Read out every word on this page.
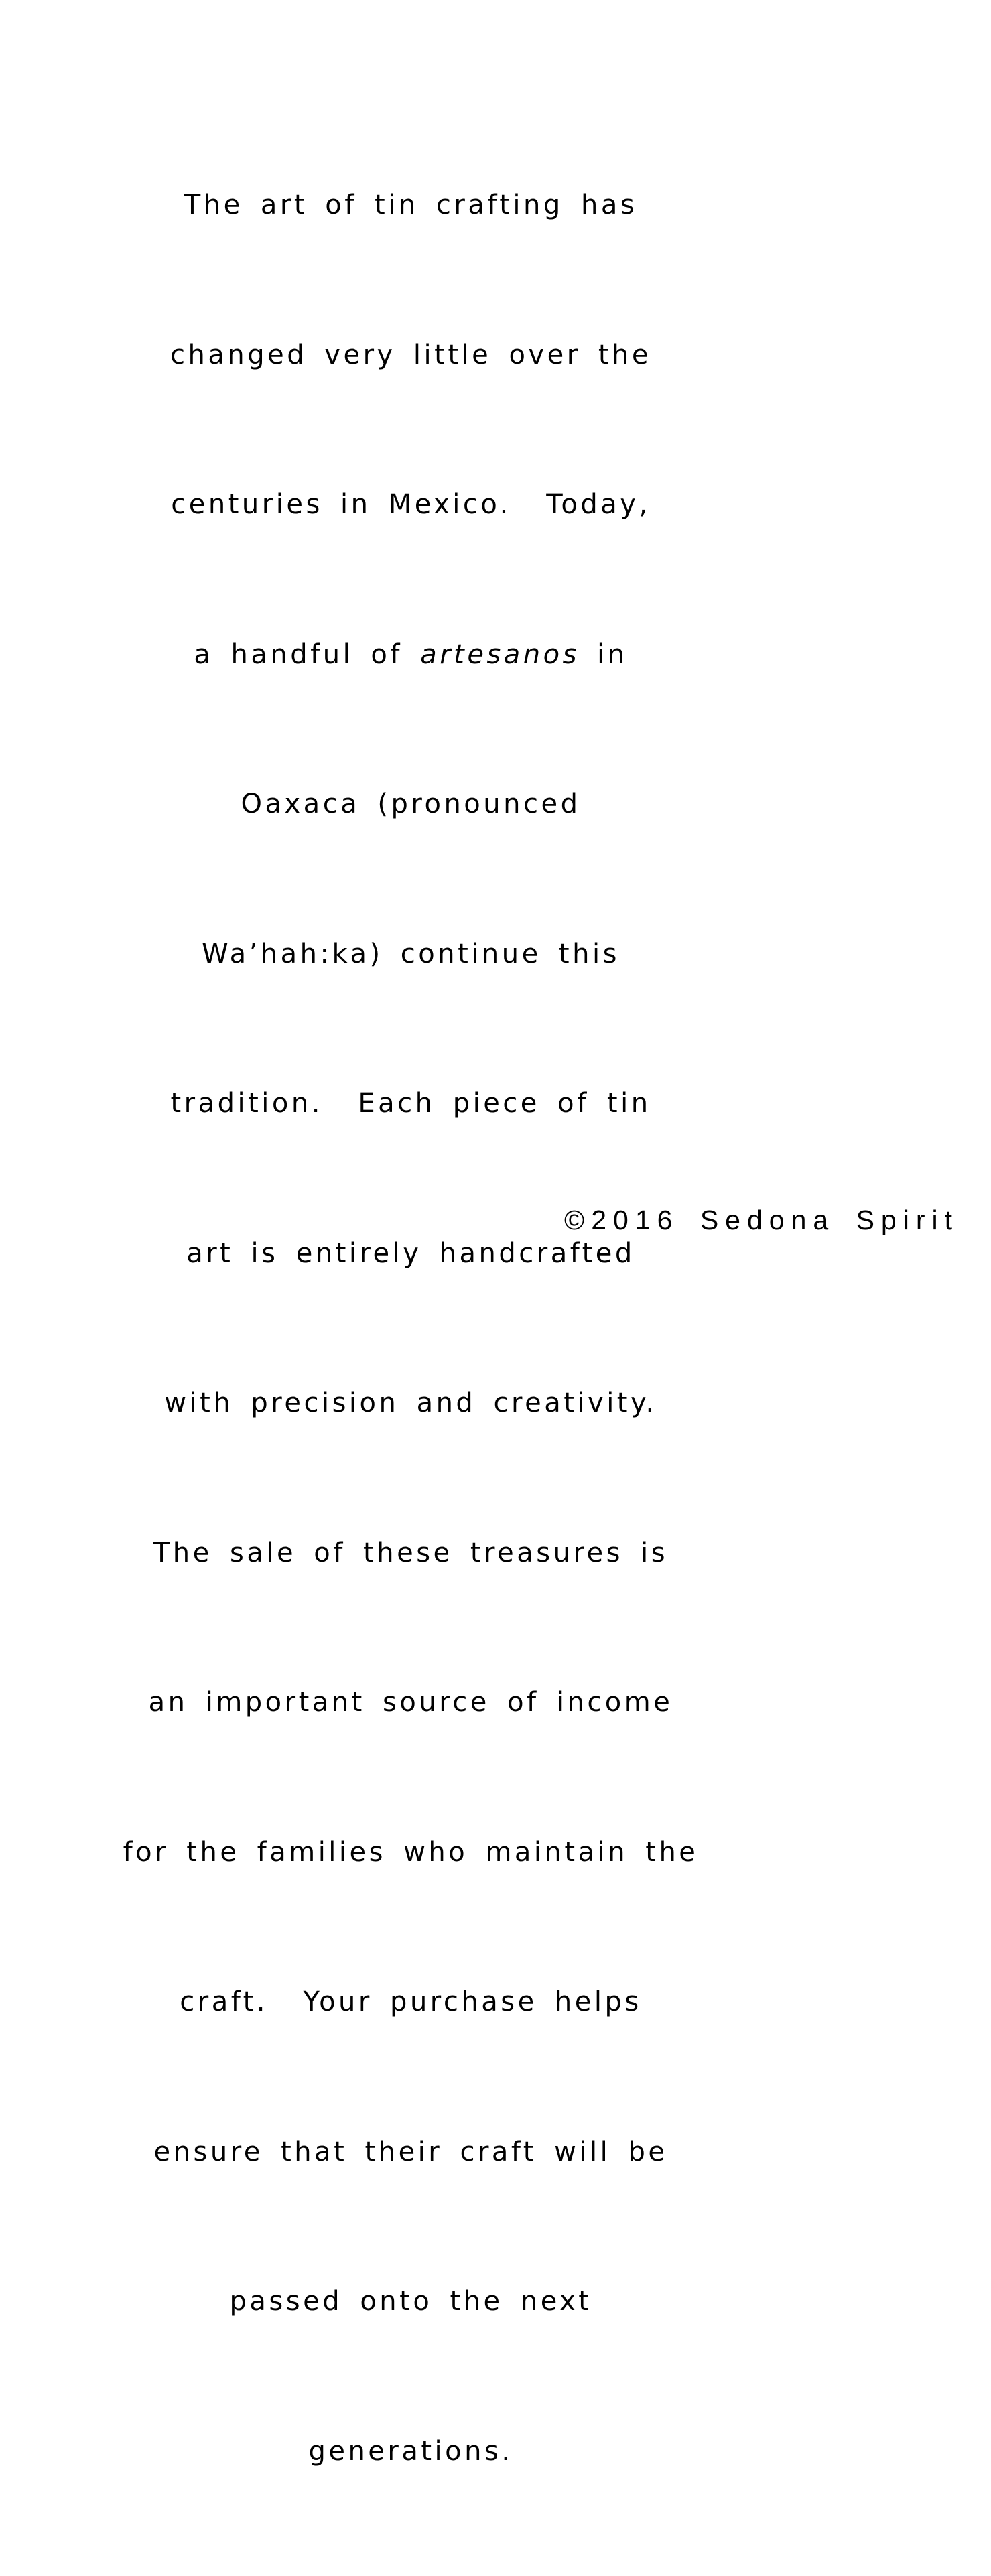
The art of tin crafting has

changed very little over the

centuries in Mexico.  Today,

a handful of artesanos in

Oaxaca (pronounced

Wa’hah:ka) continue this

tradition.  Each piece of tin

art is entirely handcrafted

with precision and creativity.

The sale of these treasures is

an important source of income

for the families who maintain the

craft.  Your purchase helps

ensure that their craft will be

passed onto the next

generations.

©2016 Sedona Spirit
